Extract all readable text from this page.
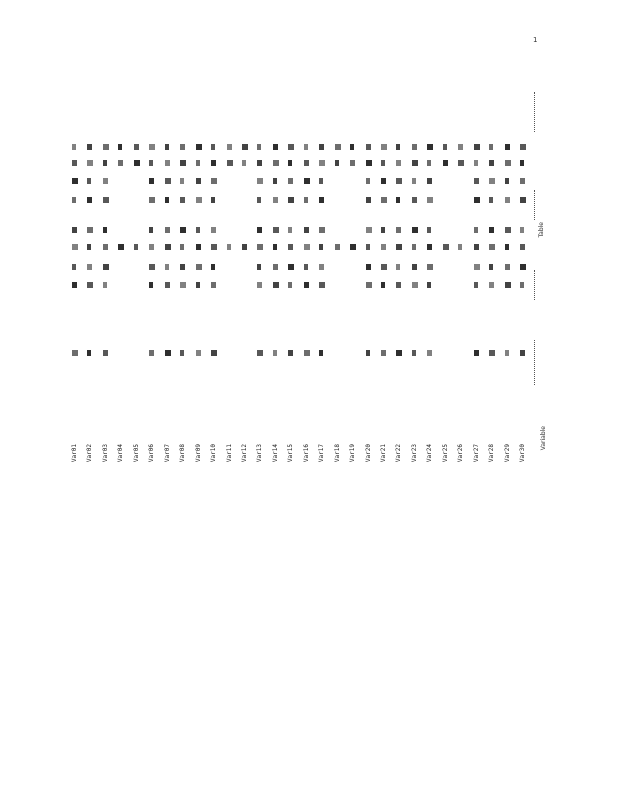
1
Table
Variable
Var01 Var02 Var03 Var04 Var05 Var06 Var07 Var08 Var09 Var10 Var11 Var12 Var13 Var14 Var15 Var16 Var17 Var18 Var19 Var20 Var21 Var22 Var23 Var24 Var25 Var26 Var27 Var28 Var29 Var30
